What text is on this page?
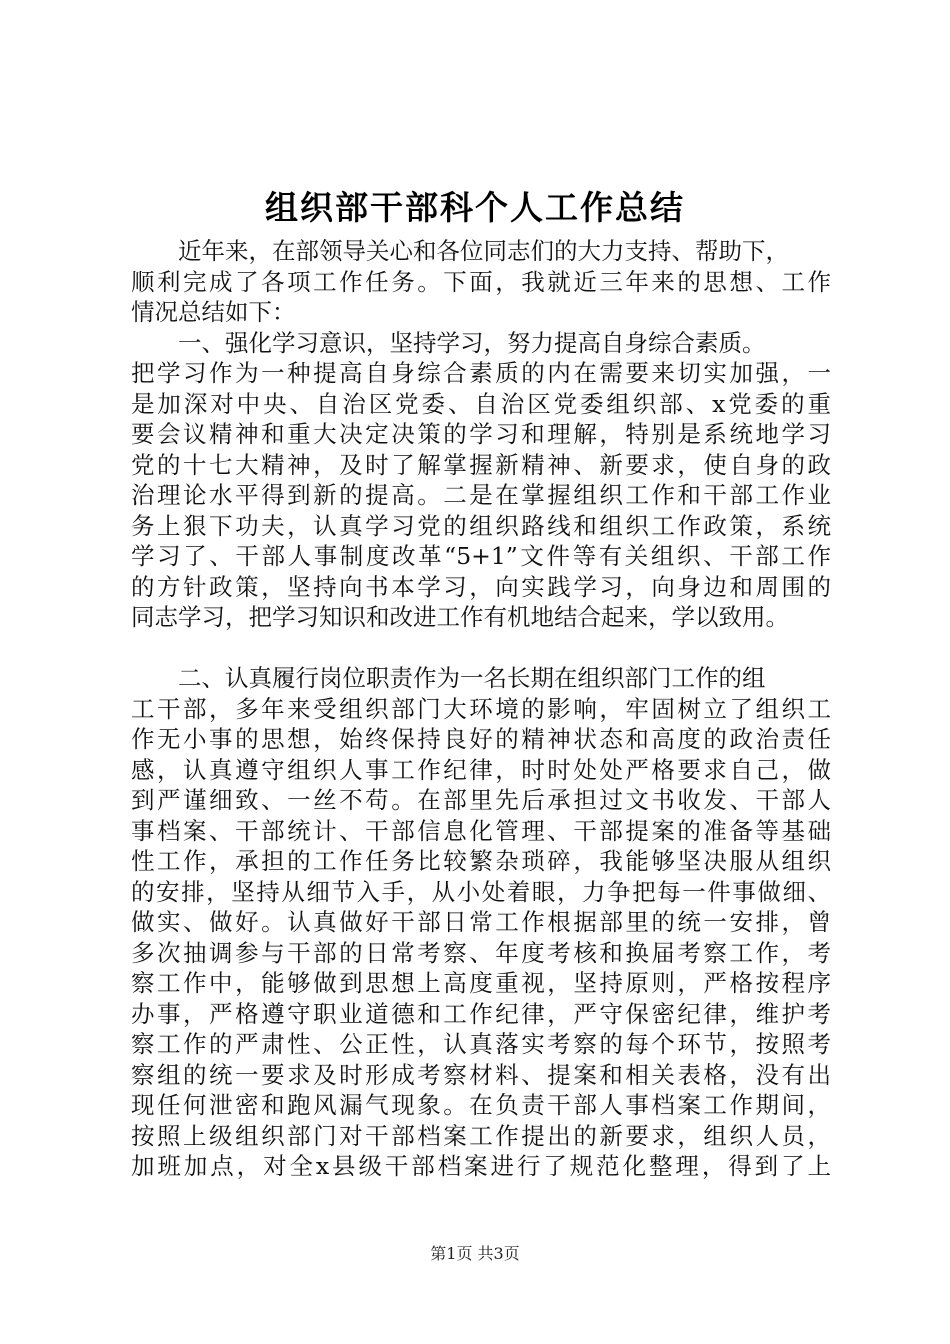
组织部干部科个人工作总结
　　近年来，在部领导关心和各位同志们的大力支持、帮助下，
顺利完成了各项工作任务。下面，我就近三年来的思想、工作
情况总结如下：
　　一、强化学习意识，坚持学习，努力提高自身综合素质。
把学习作为一种提高自身综合素质的内在需要来切实加强，一
是加深对中央、自治区党委、自治区党委组织部、x党委的重
要会议精神和重大决定决策的学习和理解，特别是系统地学习
党的十七大精神，及时了解掌握新精神、新要求，使自身的政
治理论水平得到新的提高。二是在掌握组织工作和干部工作业
务上狠下功夫，认真学习党的组织路线和组织工作政策，系统
学习了、干部人事制度改革“5+1”文件等有关组织、干部工作
的方针政策，坚持向书本学习，向实践学习，向身边和周围的
同志学习，把学习知识和改进工作有机地结合起来，学以致用。
　　二、认真履行岗位职责作为一名长期在组织部门工作的组
工干部，多年来受组织部门大环境的影响，牢固树立了组织工
作无小事的思想，始终保持良好的精神状态和高度的政治责任
感，认真遵守组织人事工作纪律，时时处处严格要求自己，做
到严谨细致、一丝不苟。在部里先后承担过文书收发、干部人
事档案、干部统计、干部信息化管理、干部提案的准备等基础
性工作，承担的工作任务比较繁杂琐碎，我能够坚决服从组织
的安排，坚持从细节入手，从小处着眼，力争把每一件事做细、
做实、做好。认真做好干部日常工作根据部里的统一安排，曾
多次抽调参与干部的日常考察、年度考核和换届考察工作，考
察工作中，能够做到思想上高度重视，坚持原则，严格按程序
办事，严格遵守职业道德和工作纪律，严守保密纪律，维护考
察工作的严肃性、公正性，认真落实考察的每个环节，按照考
察组的统一要求及时形成考察材料、提案和相关表格，没有出
现任何泄密和跑风漏气现象。在负责干部人事档案工作期间，
按照上级组织部门对干部档案工作提出的新要求，组织人员，
加班加点，对全x县级干部档案进行了规范化整理，得到了上
第1页 共3页
